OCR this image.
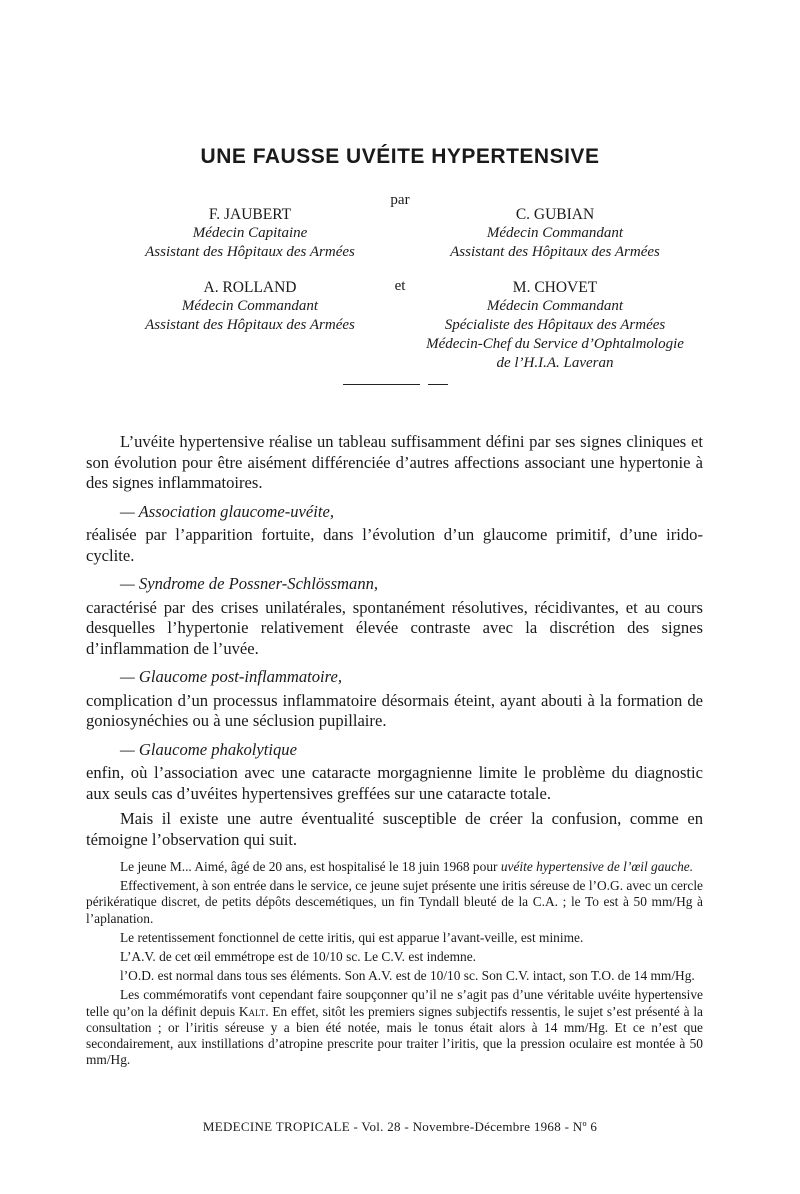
UNE FAUSSE UVÉITE HYPERTENSIVE
par
F. JAUBERT
Médecin Capitaine
Assistant des Hôpitaux des Armées
C. GUBIAN
Médecin Commandant
Assistant des Hôpitaux des Armées
et
A. ROLLAND
Médecin Commandant
Assistant des Hôpitaux des Armées
M. CHOVET
Médecin Commandant
Spécialiste des Hôpitaux des Armées
Médecin-Chef du Service d’Ophtalmologie
de l’H.I.A. Laveran

L’uvéite hypertensive réalise un tableau suffisamment défini par ses signes cliniques et son évolution pour être aisément différenciée d’autres affections associant une hypertonie à des signes inflammatoires.

— Association glaucome-uvéite,

réalisée par l’apparition fortuite, dans l’évolution d’un glaucome primitif, d’une irido-cyclite.

— Syndrome de Possner-Schlössmann,

caractérisé par des crises unilatérales, spontanément résolutives, récidivantes, et au cours desquelles l’hypertonie relativement élevée contraste avec la discrétion des signes d’inflammation de l’uvée.

— Glaucome post-inflammatoire,

complication d’un processus inflammatoire désormais éteint, ayant abouti à la formation de goniosynéchies ou à une séclusion pupillaire.

— Glaucome phakolytique

enfin, où l’association avec une cataracte morgagnienne limite le problème du diagnostic aux seuls cas d’uvéites hypertensives greffées sur une cataracte totale.

Mais il existe une autre éventualité susceptible de créer la confusion, comme en témoigne l’observation qui suit.

Le jeune M... Aimé, âgé de 20 ans, est hospitalisé le 18 juin 1968 pour uvéite hypertensive de l’œil gauche.

Effectivement, à son entrée dans le service, ce jeune sujet présente une iritis séreuse de l’O.G. avec un cercle périkératique discret, de petits dépôts descemétiques, un fin Tyndall bleuté de la C.A. ; le To est à 50 mm/Hg à l’aplanation.

Le retentissement fonctionnel de cette iritis, qui est apparue l’avant-veille, est minime.

L’A.V. de cet œil emmétrope est de 10/10 sc. Le C.V. est indemne.

l’O.D. est normal dans tous ses éléments. Son A.V. est de 10/10 sc. Son C.V. intact, son T.O. de 14 mm/Hg.

Les commémoratifs vont cependant faire soupçonner qu’il ne s’agit pas d’une véritable uvéite hypertensive telle qu’on la définit depuis Kalt. En effet, sitôt les premiers signes subjectifs ressentis, le sujet s’est présenté à la consultation ; or l’iritis séreuse y a bien été notée, mais le tonus était alors à 14 mm/Hg. Et ce n’est que secondairement, aux instillations d’atropine prescrite pour traiter l’iritis, que la pression oculaire est montée à 50 mm/Hg.

MEDECINE TROPICALE - Vol. 28 - Novembre-Décembre 1968 - Nº 6
